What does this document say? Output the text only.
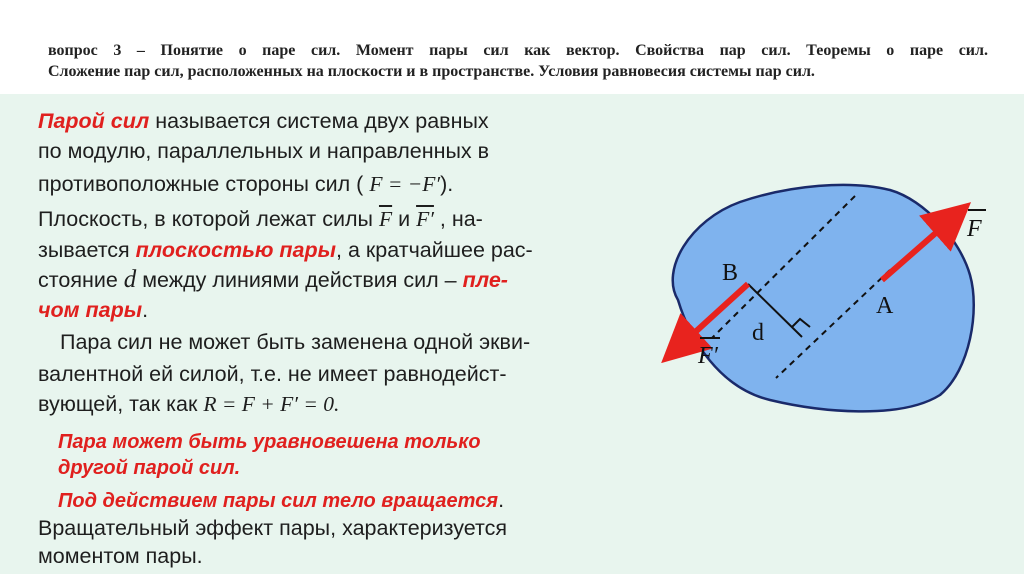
вопрос 3 – Понятие о паре сил. Момент пары сил как вектор. Свойства пар сил. Теоремы о паре сил.
Сложение пар сил, расположенных на плоскости и в пространстве. Условия равновесия системы пар сил.
Парой сил называется система двух равных
по модулю, параллельных и направленных в
противоположные стороны сил ( F = −F′).
Плоскость, в которой лежат силы $\overline{F}$ и F′ , на-
зывается плоскостью пары, а кратчайшее рас-
стояние d между линиями действия сил – пле-
чом пары.
Пара сил не может быть заменена одной экви-
валентной ей силой, т.е. не имеет равнодейст-
вующей, так как R = F + F′ = 0.
Пара может быть уравновешена только
другой парой сил.
Под действием пары сил тело вращается.
Вращательный эффект пары, характеризуется
моментом пары.
B
A
d
F
F′
